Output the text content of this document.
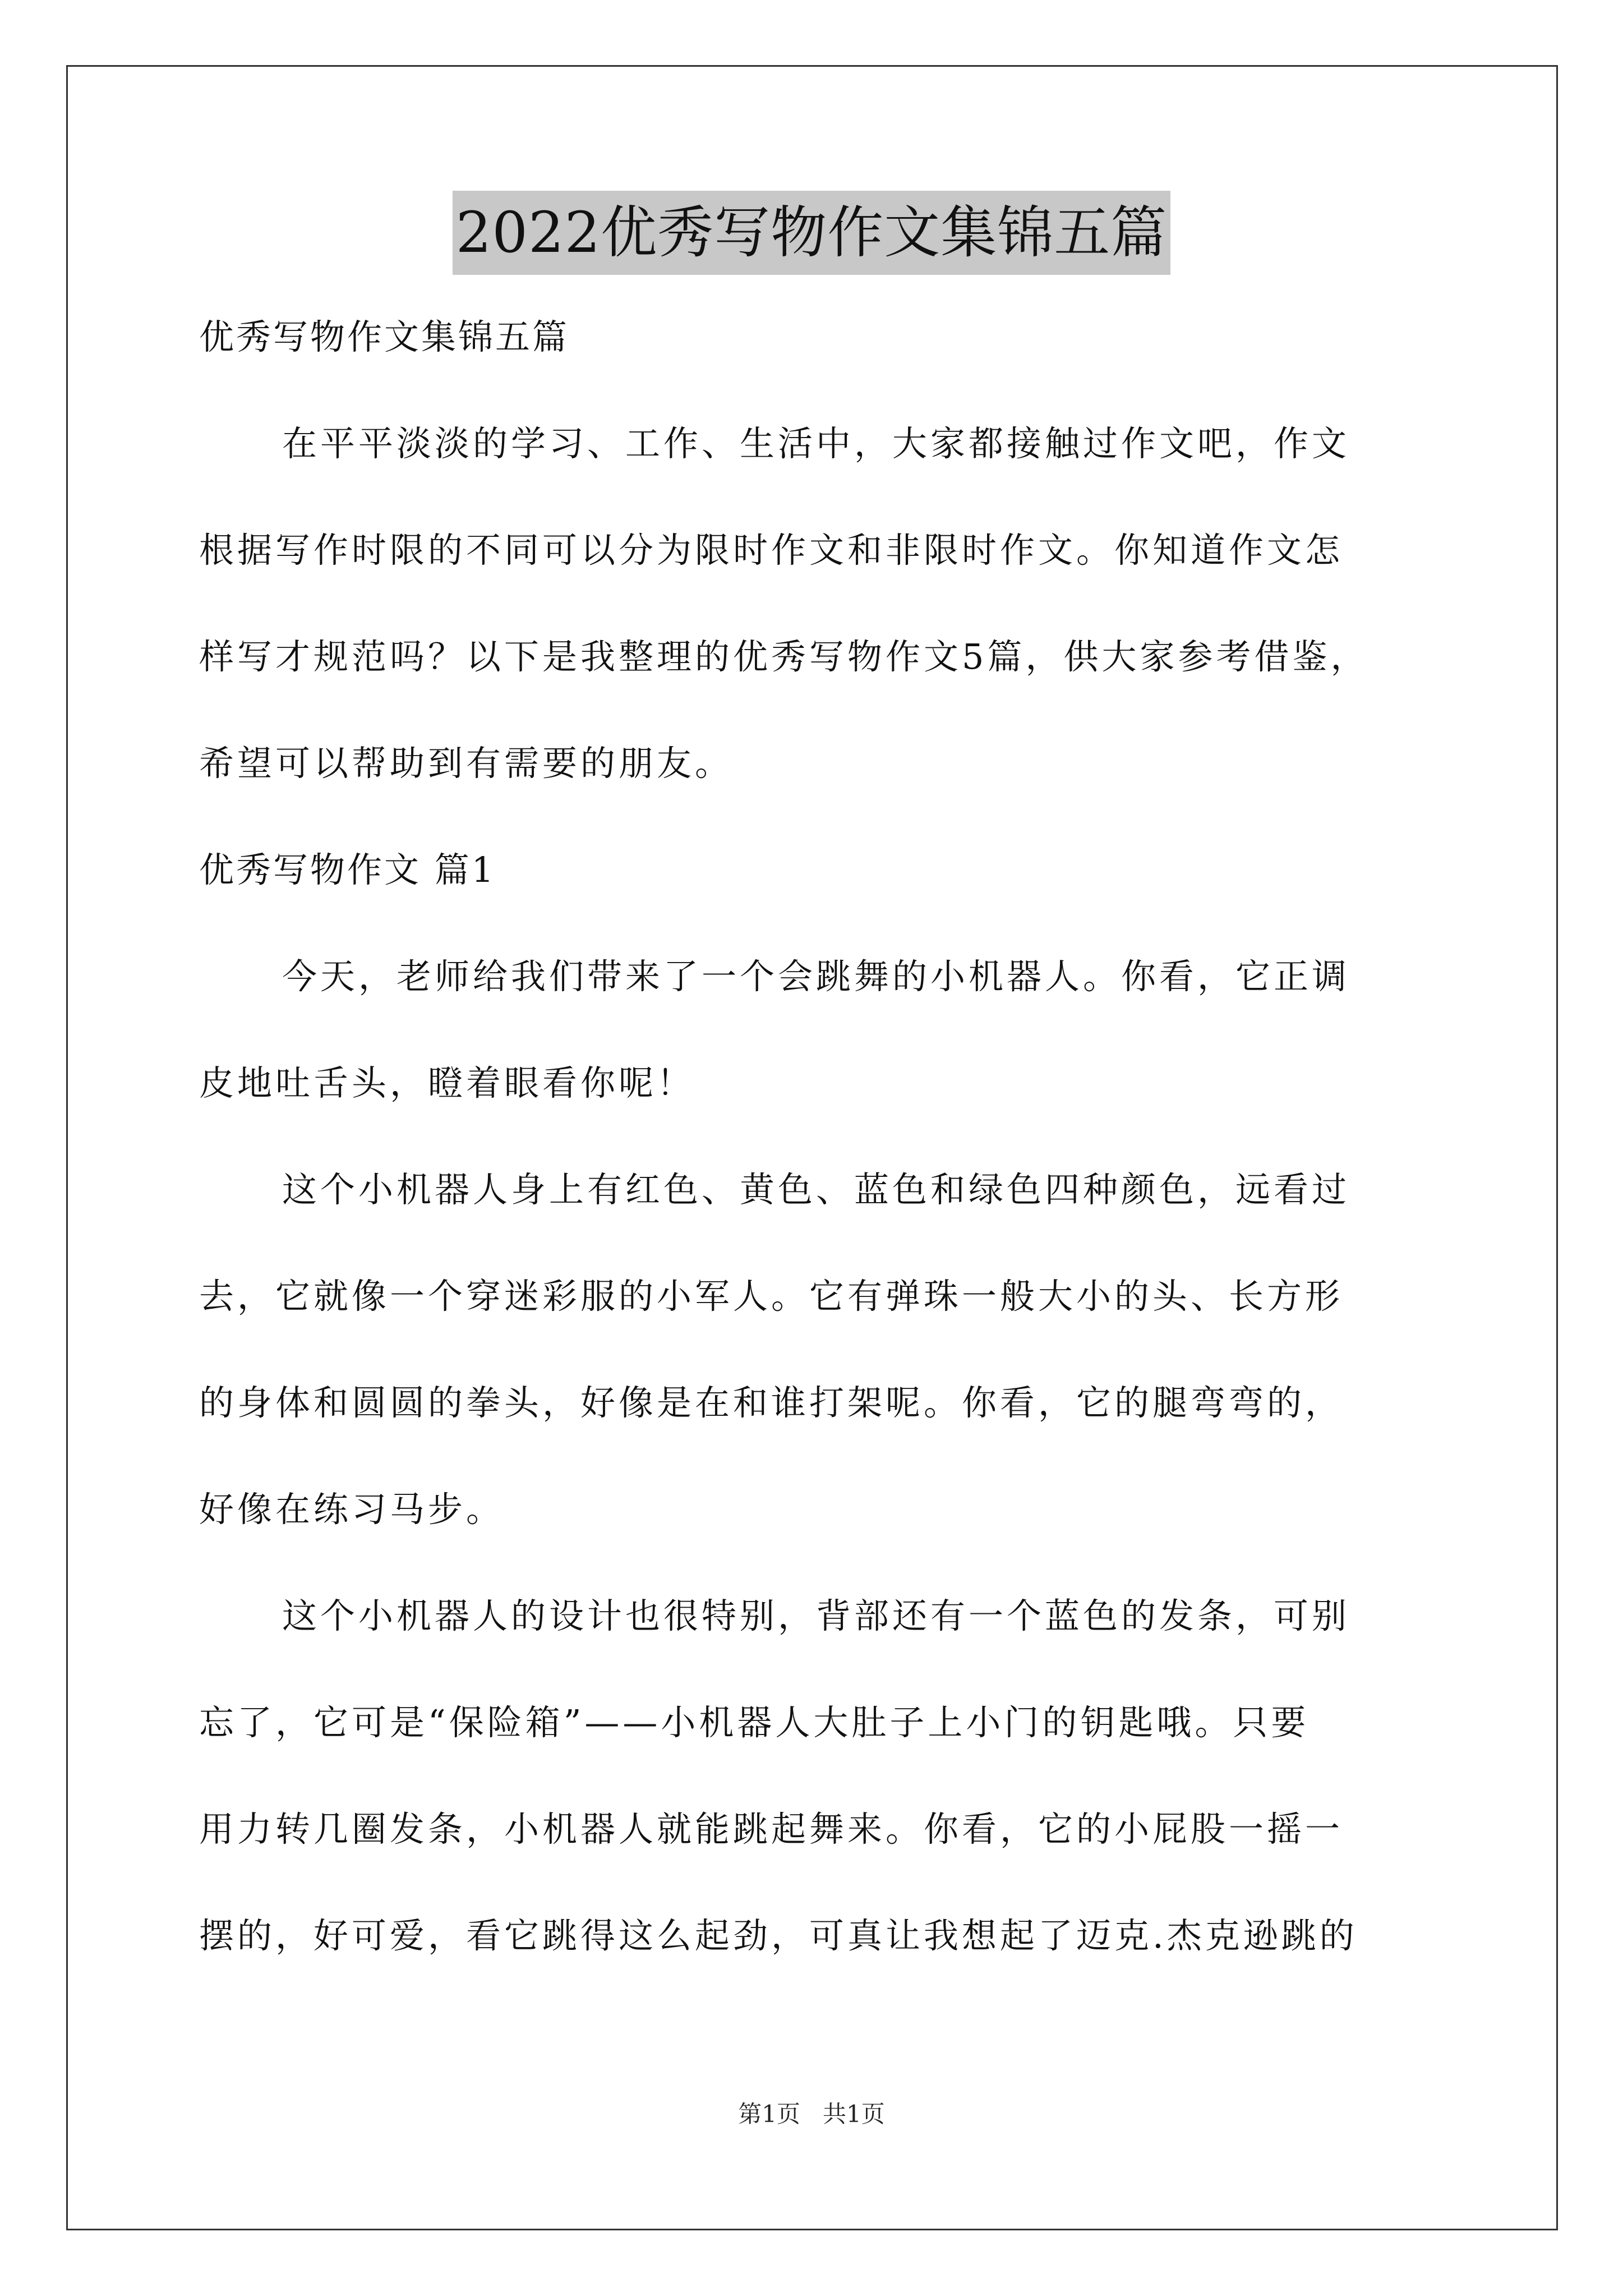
2022优秀写物作文集锦五篇
优秀写物作文集锦五篇
在平平淡淡的学习、工作、生活中，大家都接触过作文吧，作文
根据写作时限的不同可以分为限时作文和非限时作文。你知道作文怎
样写才规范吗？以下是我整理的优秀写物作文5篇，供大家参考借鉴，
希望可以帮助到有需要的朋友。
优秀写物作文 篇1
今天，老师给我们带来了一个会跳舞的小机器人。你看，它正调
皮地吐舌头，瞪着眼看你呢！
这个小机器人身上有红色、黄色、蓝色和绿色四种颜色，远看过
去，它就像一个穿迷彩服的小军人。它有弹珠一般大小的头、长方形
的身体和圆圆的拳头，好像是在和谁打架呢。你看，它的腿弯弯的，
好像在练习马步。
这个小机器人的设计也很特别，背部还有一个蓝色的发条，可别
忘了，它可是“保险箱”——小机器人大肚子上小门的钥匙哦。只要
用力转几圈发条，小机器人就能跳起舞来。你看，它的小屁股一摇一
摆的，好可爱，看它跳得这么起劲，可真让我想起了迈克.杰克逊跳的
第1页 共1页
